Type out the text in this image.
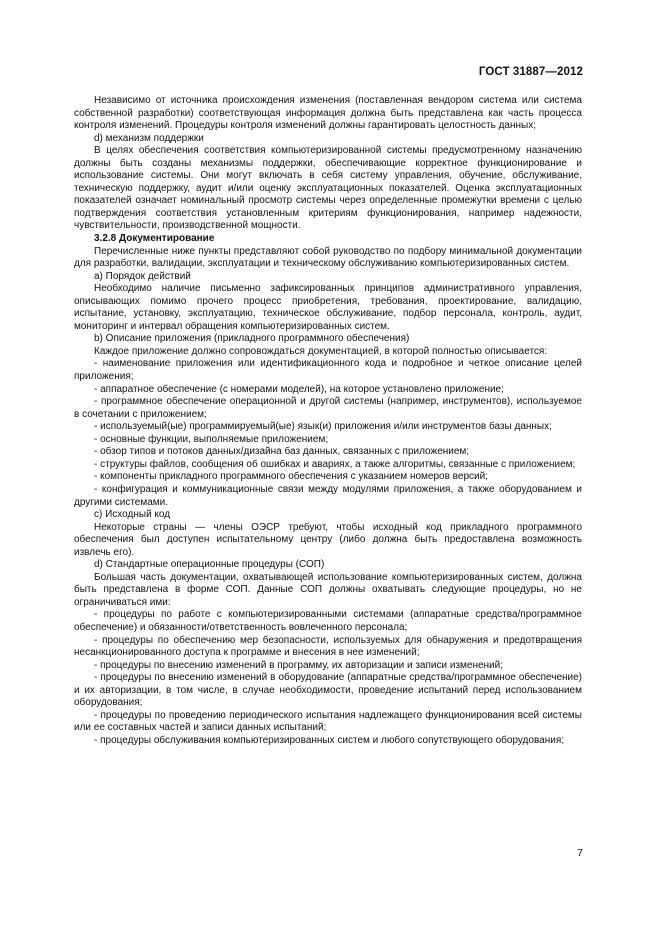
ГОСТ 31887—2012

Независимо от источника происхождения изменения (поставленная вендором система или система собственной разработки) соответствующая информация должна быть представлена как часть процесса контроля изменений. Процедуры контроля изменений должны гарантировать целостность данных;

d) механизм поддержки

В целях обеспечения соответствия компьютеризированной системы предусмотренному назначению должны быть созданы механизмы поддержки, обеспечивающие корректное функционирование и использование системы. Они могут включать в себя систему управления, обучение, обслуживание, техническую поддержку, аудит и/или оценку эксплуатационных показателей. Оценка эксплуатационных показателей означает номинальный просмотр системы через определенные промежутки времени с целью подтверждения соответствия установленным критериям функционирования, например надежности, чувствительности, производственной мощности.

3.2.8 Документирование

Перечисленные ниже пункты представляют собой руководство по подбору минимальной документации для разработки, валидации, эксплуатации и техническому обслуживанию компьютеризированных систем.

a) Порядок действий

Необходимо наличие письменно зафиксированных принципов административного управления, описывающих помимо прочего процесс приобретения, требования, проектирование, валидацию, испытание, установку, эксплуатацию, техническое обслуживание, подбор персонала, контроль, аудит, мониторинг и интервал обращения компьютеризированных систем.

b) Описание приложения (прикладного программного обеспечения)

Каждое приложение должно сопровождаться документацией, в которой полностью описывается:

- наименование приложения или идентификационного кода и подробное и четкое описание целей приложения;

- аппаратное обеспечение (с номерами моделей), на которое установлено приложение;

- программное обеспечение операционной и другой системы (например, инструментов), используемое в сочетании с приложением;

- используемый(ые) программируемый(ые) язык(и) приложения и/или инструментов базы данных;

- основные функции, выполняемые приложением;

- обзор типов и потоков данных/дизайна баз данных, связанных с приложением;

- структуры файлов, сообщения об ошибках и авариях, а также алгоритмы, связанные с приложением;

- компоненты прикладного программного обеспечения с указанием номеров версий;

- конфигурация и коммуникационные связи между модулями приложения, а также оборудованием и другими системами.

c) Исходный код

Некоторые страны — члены ОЭСР требуют, чтобы исходный код прикладного программного обеспечения был доступен испытательному центру (либо должна быть предоставлена возможность извлечь его).

d) Стандартные операционные процедуры (СОП)

Большая часть документации, охватывающей использование компьютеризированных систем, должна быть представлена в форме СОП. Данные СОП должны охватывать следующие процедуры, но не ограничиваться ими:

- процедуры по работе с компьютеризированными системами (аппаратные средства/программное обеспечение) и обязанности/ответственность вовлеченного персонала;

- процедуры по обеспечению мер безопасности, используемых для обнаружения и предотвращения несанкционированного доступа к программе и внесения в нее изменений;

- процедуры по внесению изменений в программу, их авторизации и записи изменений;

- процедуры по внесению изменений в оборудование (аппаратные средства/программное обеспечение) и их авторизации, в том числе, в случае необходимости, проведение испытаний перед использованием оборудования;

- процедуры по проведению периодического испытания надлежащего функционирования всей системы или ее составных частей и записи данных испытаний;

- процедуры обслуживания компьютеризированных систем и любого сопутствующего оборудования;

7
